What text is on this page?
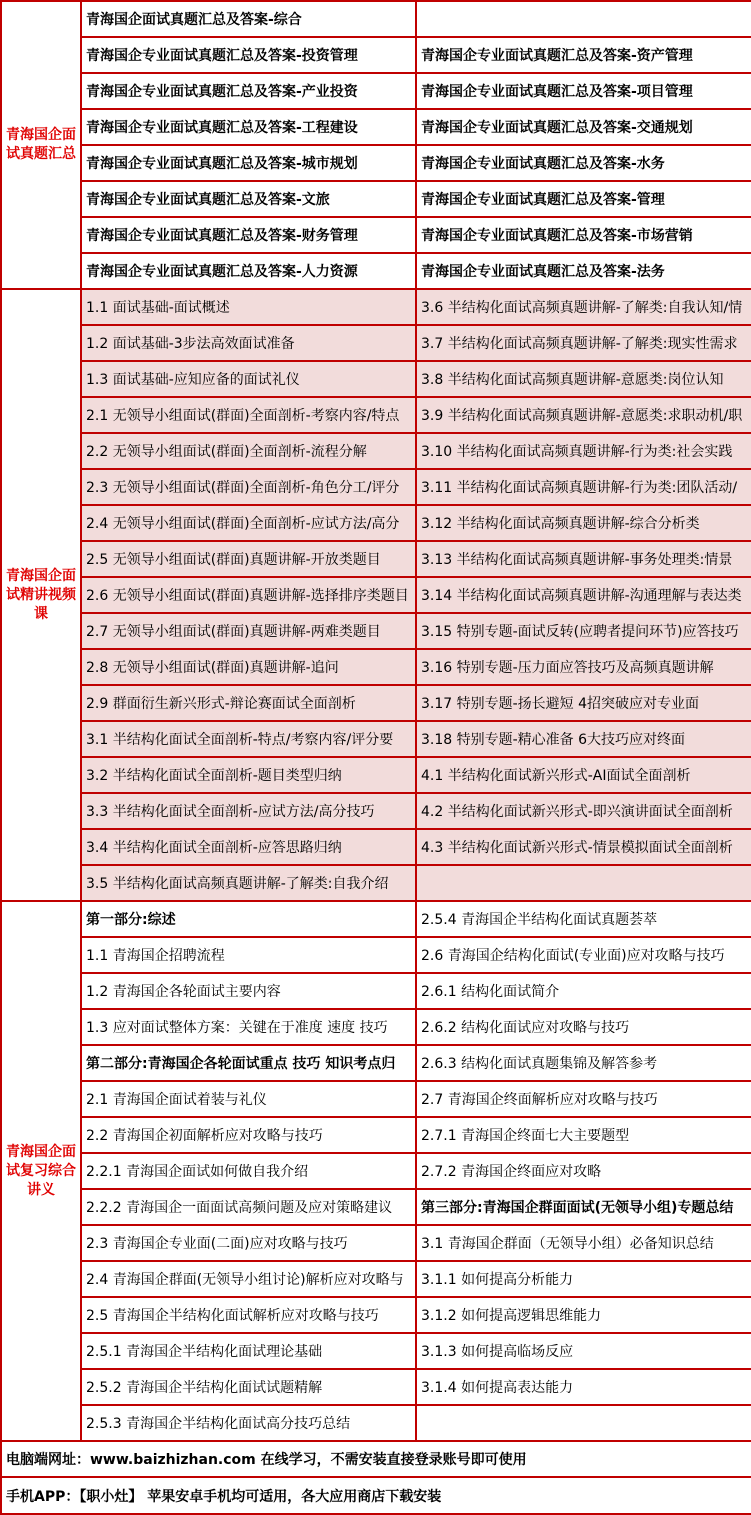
青海国企面试真题汇总	青海国企面试真题汇总及答案-综合	
	青海国企专业面试真题汇总及答案-投资管理	青海国企专业面试真题汇总及答案-资产管理
	青海国企专业面试真题汇总及答案-产业投资	青海国企专业面试真题汇总及答案-项目管理
	青海国企专业面试真题汇总及答案-工程建设	青海国企专业面试真题汇总及答案-交通规划
	青海国企专业面试真题汇总及答案-城市规划	青海国企专业面试真题汇总及答案-水务
	青海国企专业面试真题汇总及答案-文旅	青海国企专业面试真题汇总及答案-管理
	青海国企专业面试真题汇总及答案-财务管理	青海国企专业面试真题汇总及答案-市场营销
	青海国企专业面试真题汇总及答案-人力资源	青海国企专业面试真题汇总及答案-法务
青海国企面试精讲视频课	1.1 面试基础-面试概述	3.6 半结构化面试高频真题讲解-了解类:自我认知/情
	1.2 面试基础-3步法高效面试准备	3.7 半结构化面试高频真题讲解-了解类:现实性需求
	1.3 面试基础-应知应备的面试礼仪	3.8 半结构化面试高频真题讲解-意愿类:岗位认知
	2.1 无领导小组面试(群面)全面剖析-考察内容/特点	3.9 半结构化面试高频真题讲解-意愿类:求职动机/职
	2.2 无领导小组面试(群面)全面剖析-流程分解	3.10 半结构化面试高频真题讲解-行为类:社会实践
	2.3 无领导小组面试(群面)全面剖析-角色分工/评分	3.11 半结构化面试高频真题讲解-行为类:团队活动/
	2.4 无领导小组面试(群面)全面剖析-应试方法/高分	3.12 半结构化面试高频真题讲解-综合分析类
	2.5 无领导小组面试(群面)真题讲解-开放类题目	3.13 半结构化面试高频真题讲解-事务处理类:情景
	2.6 无领导小组面试(群面)真题讲解-选择排序类题目	3.14 半结构化面试高频真题讲解-沟通理解与表达类
	2.7 无领导小组面试(群面)真题讲解-两难类题目	3.15 特别专题-面试反转(应聘者提问环节)应答技巧
	2.8 无领导小组面试(群面)真题讲解-追问	3.16 特别专题-压力面应答技巧及高频真题讲解
	2.9 群面衍生新兴形式-辩论赛面试全面剖析	3.17 特别专题-扬长避短 4招突破应对专业面
	3.1 半结构化面试全面剖析-特点/考察内容/评分要	3.18 特别专题-精心准备 6大技巧应对终面
	3.2 半结构化面试全面剖析-题目类型归纳	4.1 半结构化面试新兴形式-AI面试全面剖析
	3.3 半结构化面试全面剖析-应试方法/高分技巧	4.2 半结构化面试新兴形式-即兴演讲面试全面剖析
	3.4 半结构化面试全面剖析-应答思路归纳	4.3 半结构化面试新兴形式-情景模拟面试全面剖析
	3.5 半结构化面试高频真题讲解-了解类:自我介绍	
青海国企面试复习综合讲义	第一部分:综述	2.5.4 青海国企半结构化面试真题荟萃
	1.1 青海国企招聘流程	2.6 青海国企结构化面试(专业面)应对攻略与技巧
	1.2 青海国企各轮面试主要内容	2.6.1 结构化面试简介
	1.3 应对面试整体方案：关键在于准度 速度 技巧	2.6.2 结构化面试应对攻略与技巧
	第二部分:青海国企各轮面试重点 技巧 知识考点归	2.6.3 结构化面试真题集锦及解答参考
	2.1 青海国企面试着装与礼仪	2.7 青海国企终面解析应对攻略与技巧
	2.2 青海国企初面解析应对攻略与技巧	2.7.1 青海国企终面七大主要题型
	2.2.1 青海国企面试如何做自我介绍	2.7.2 青海国企终面应对攻略
	2.2.2 青海国企一面面试高频问题及应对策略建议	第三部分:青海国企群面面试(无领导小组)专题总结
	2.3 青海国企专业面(二面)应对攻略与技巧	3.1 青海国企群面（无领导小组）必备知识总结
	2.4 青海国企群面(无领导小组讨论)解析应对攻略与	3.1.1 如何提高分析能力
	2.5 青海国企半结构化面试解析应对攻略与技巧	3.1.2 如何提高逻辑思维能力
	2.5.1 青海国企半结构化面试理论基础	3.1.3 如何提高临场反应
	2.5.2 青海国企半结构化面试试题精解	3.1.4 如何提高表达能力
	2.5.3 青海国企半结构化面试高分技巧总结	
电脑端网址：www.baizhizhan.com 在线学习，不需安装直接登录账号即可使用		
手机APP：【职小灶】 苹果安卓手机均可适用，各大应用商店下载安装		
